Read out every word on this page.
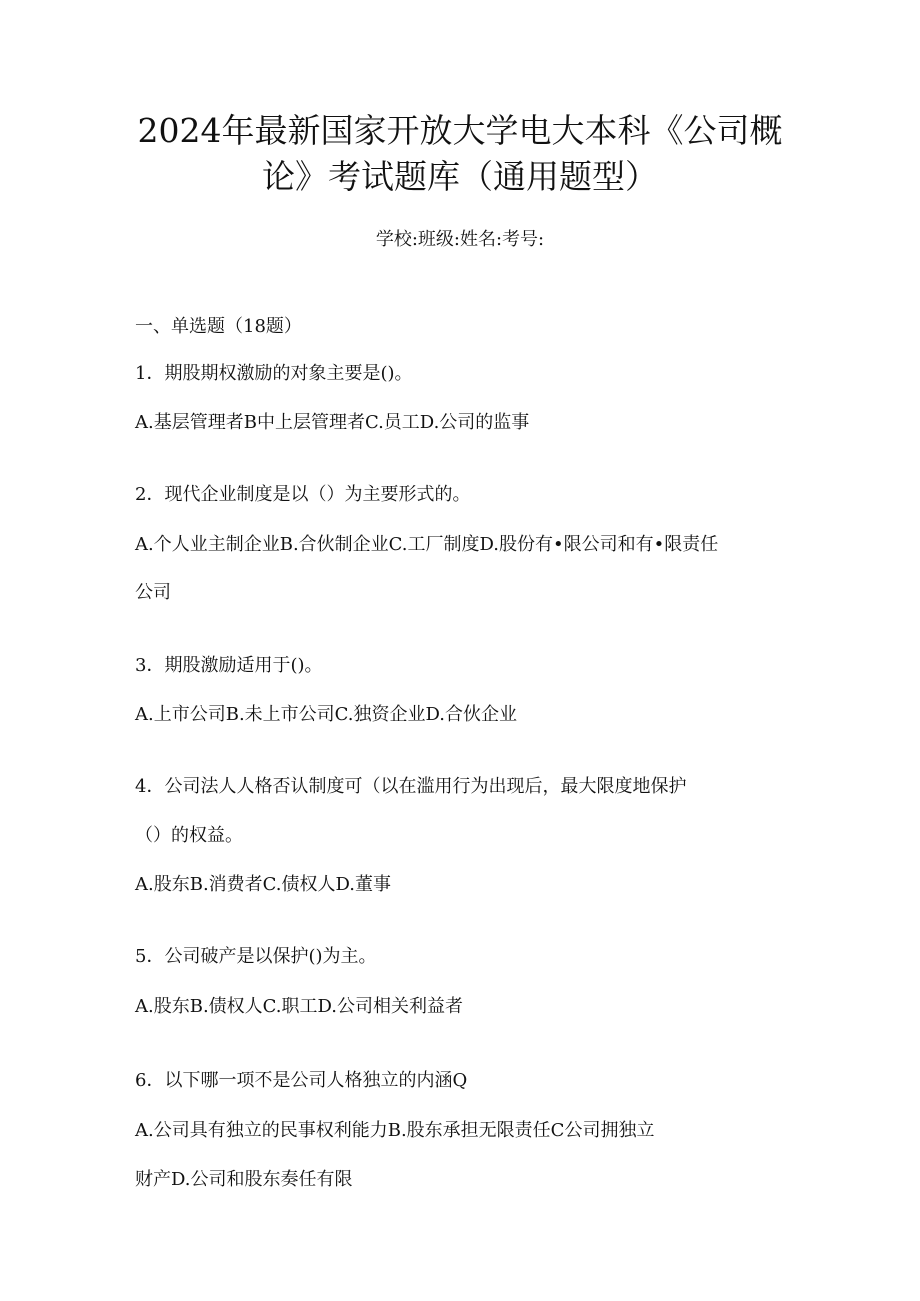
2024年最新国家开放大学电大本科《公司概
论》考试题库（通用题型）
学校:班级:姓名:考号:
一、单选题（18题）
1．期股期权激励的对象主要是()。
A.基层管理者B中上层管理者C.员工D.公司的监事
2．现代企业制度是以（）为主要形式的。
A.个人业主制企业B.合伙制企业C.工厂制度D.股份有•限公司和有•限责任
公司
3．期股激励适用于()。
A.上市公司B.未上市公司C.独资企业D.合伙企业
4．公司法人人格否认制度可（以在滥用行为出现后，最大限度地保护
（）的权益。
A.股东B.消费者C.债权人D.董事
5．公司破产是以保护()为主。
A.股东B.债权人C.职工D.公司相关利益者
6．以下哪一项不是公司人格独立的内涵Q
A.公司具有独立的民事权利能力B.股东承担无限责任C公司拥独立
财产D.公司和股东奏任有限
